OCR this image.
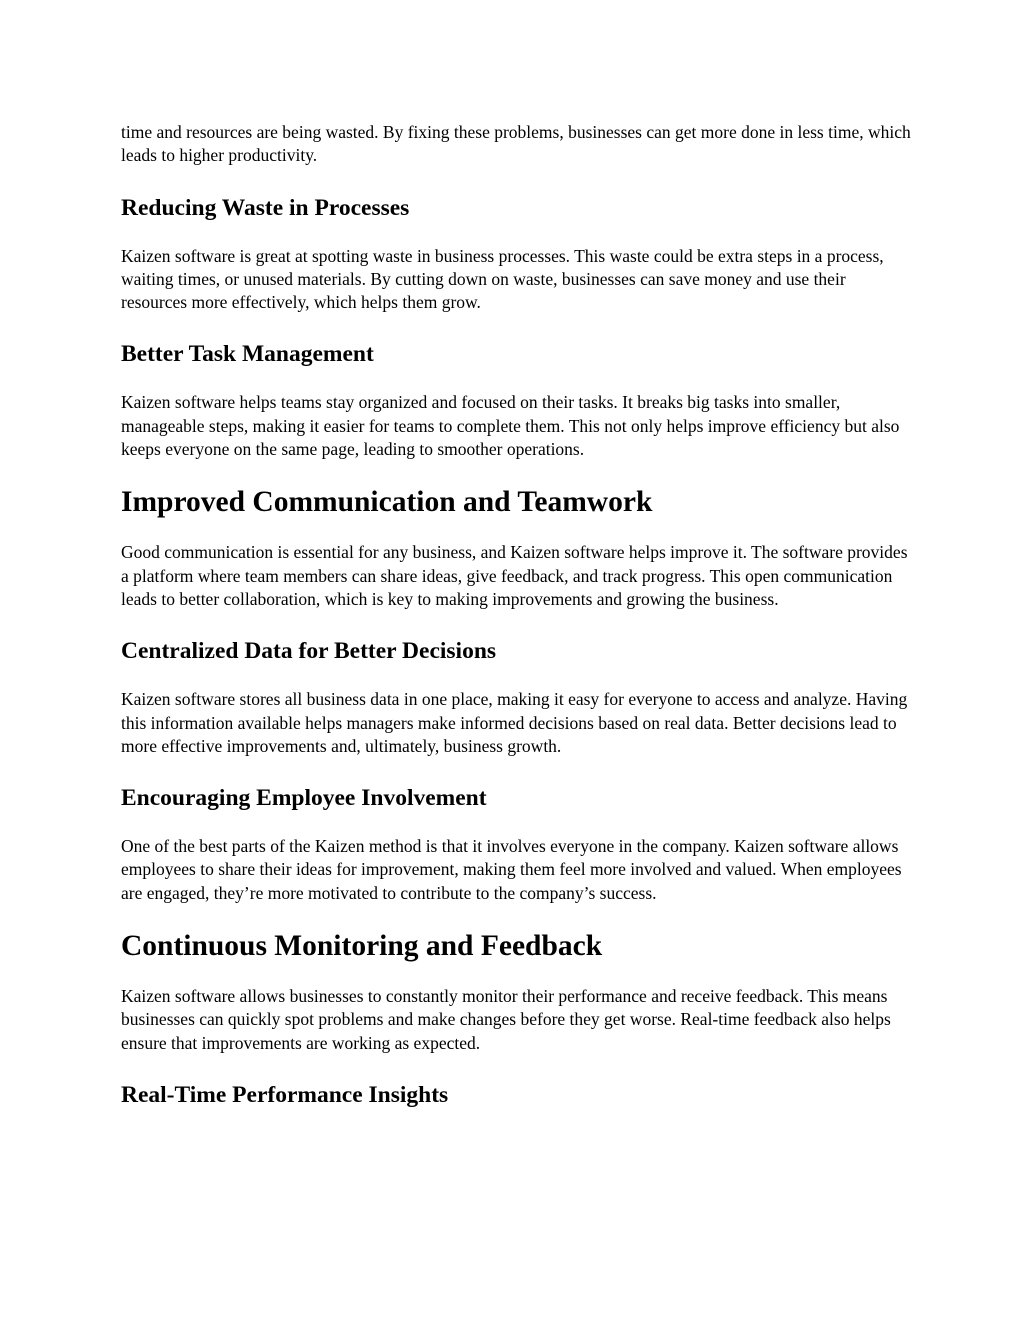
time and resources are being wasted. By fixing these problems, businesses can get more done in less time, which leads to higher productivity.

Reducing Waste in Processes

Kaizen software is great at spotting waste in business processes. This waste could be extra steps in a process, waiting times, or unused materials. By cutting down on waste, businesses can save money and use their resources more effectively, which helps them grow.

Better Task Management

Kaizen software helps teams stay organized and focused on their tasks. It breaks big tasks into smaller, manageable steps, making it easier for teams to complete them. This not only helps improve efficiency but also keeps everyone on the same page, leading to smoother operations.

Improved Communication and Teamwork

Good communication is essential for any business, and Kaizen software helps improve it. The software provides a platform where team members can share ideas, give feedback, and track progress. This open communication leads to better collaboration, which is key to making improvements and growing the business.

Centralized Data for Better Decisions

Kaizen software stores all business data in one place, making it easy for everyone to access and analyze. Having this information available helps managers make informed decisions based on real data. Better decisions lead to more effective improvements and, ultimately, business growth.

Encouraging Employee Involvement

One of the best parts of the Kaizen method is that it involves everyone in the company. Kaizen software allows employees to share their ideas for improvement, making them feel more involved and valued. When employees are engaged, they’re more motivated to contribute to the company’s success.

Continuous Monitoring and Feedback

Kaizen software allows businesses to constantly monitor their performance and receive feedback. This means businesses can quickly spot problems and make changes before they get worse. Real-time feedback also helps ensure that improvements are working as expected.

Real-Time Performance Insights
